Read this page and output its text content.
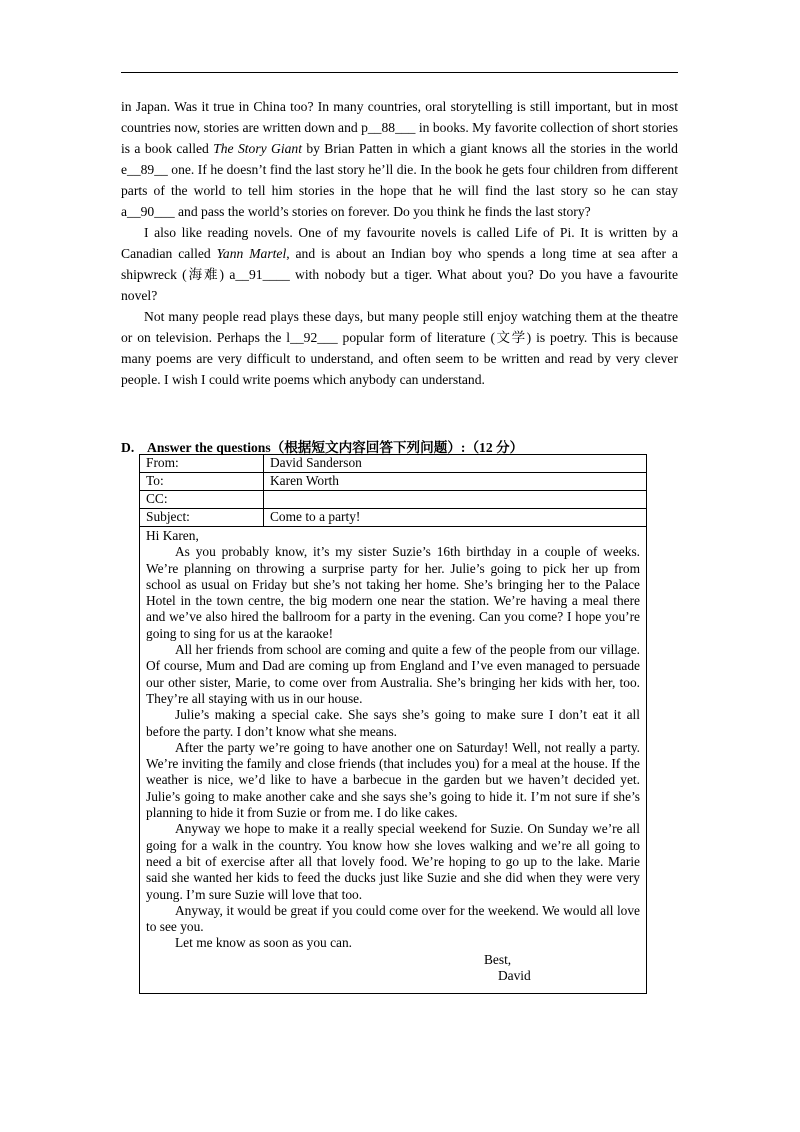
in Japan. Was it true in China too? In many countries, oral storytelling is still important, but in most countries now, stories are written down and p__88___ in books. My favorite collection of short stories is a book called The Story Giant by Brian Patten in which a giant knows all the stories in the world e__89__ one. If he doesn’t find the last story he’ll die. In the book he gets four children from different parts of the world to tell him stories in the hope that he will find the last story so he can stay a__90___ and pass the world’s stories on forever. Do you think he finds the last story?

I also like reading novels. One of my favourite novels is called Life of Pi. It is written by a Canadian called Yann Martel, and is about an Indian boy who spends a long time at sea after a shipwreck (海难) a__91____ with nobody but a tiger. What about you? Do you have a favourite novel?

Not many people read plays these days, but many people still enjoy watching them at the theatre or on television. Perhaps the l__92___ popular form of literature (文学) is poetry. This is because many poems are very difficult to understand, and often seem to be written and read by very clever people. I wish I could write poems which anybody can understand.

D. Answer the questions（根据短文内容回答下列问题）:（12 分）
From:	David Sanderson
To:	Karen Worth
CC:
Subject:	Come to a party!

Hi Karen,

As you probably know, it’s my sister Suzie’s 16th birthday in a couple of weeks. We’re planning on throwing a surprise party for her. Julie’s going to pick her up from school as usual on Friday but she’s not taking her home. She’s bringing her to the Palace Hotel in the town centre, the big modern one near the station. We’re having a meal there and we’ve also hired the ballroom for a party in the evening. Can you come? I hope you’re going to sing for us at the karaoke!

All her friends from school are coming and quite a few of the people from our village. Of course, Mum and Dad are coming up from England and I’ve even managed to persuade our other sister, Marie, to come over from Australia. She’s bringing her kids with her, too. They’re all staying with us in our house.

Julie’s making a special cake. She says she’s going to make sure I don’t eat it all before the party. I don’t know what she means.

After the party we’re going to have another one on Saturday! Well, not really a party. We’re inviting the family and close friends (that includes you) for a meal at the house. If the weather is nice, we’d like to have a barbecue in the garden but we haven’t decided yet. Julie’s going to make another cake and she says she’s going to hide it. I’m not sure if she’s planning to hide it from Suzie or from me. I do like cakes.

Anyway we hope to make it a really special weekend for Suzie. On Sunday we’re all going for a walk in the country. You know how she loves walking and we’re all going to need a bit of exercise after all that lovely food. We’re hoping to go up to the lake. Marie said she wanted her kids to feed the ducks just like Suzie and she did when they were very young. I’m sure Suzie will love that too.

Anyway, it would be great if you could come over for the weekend. We would all love to see you.

Let me know as soon as you can.

Best,
David
